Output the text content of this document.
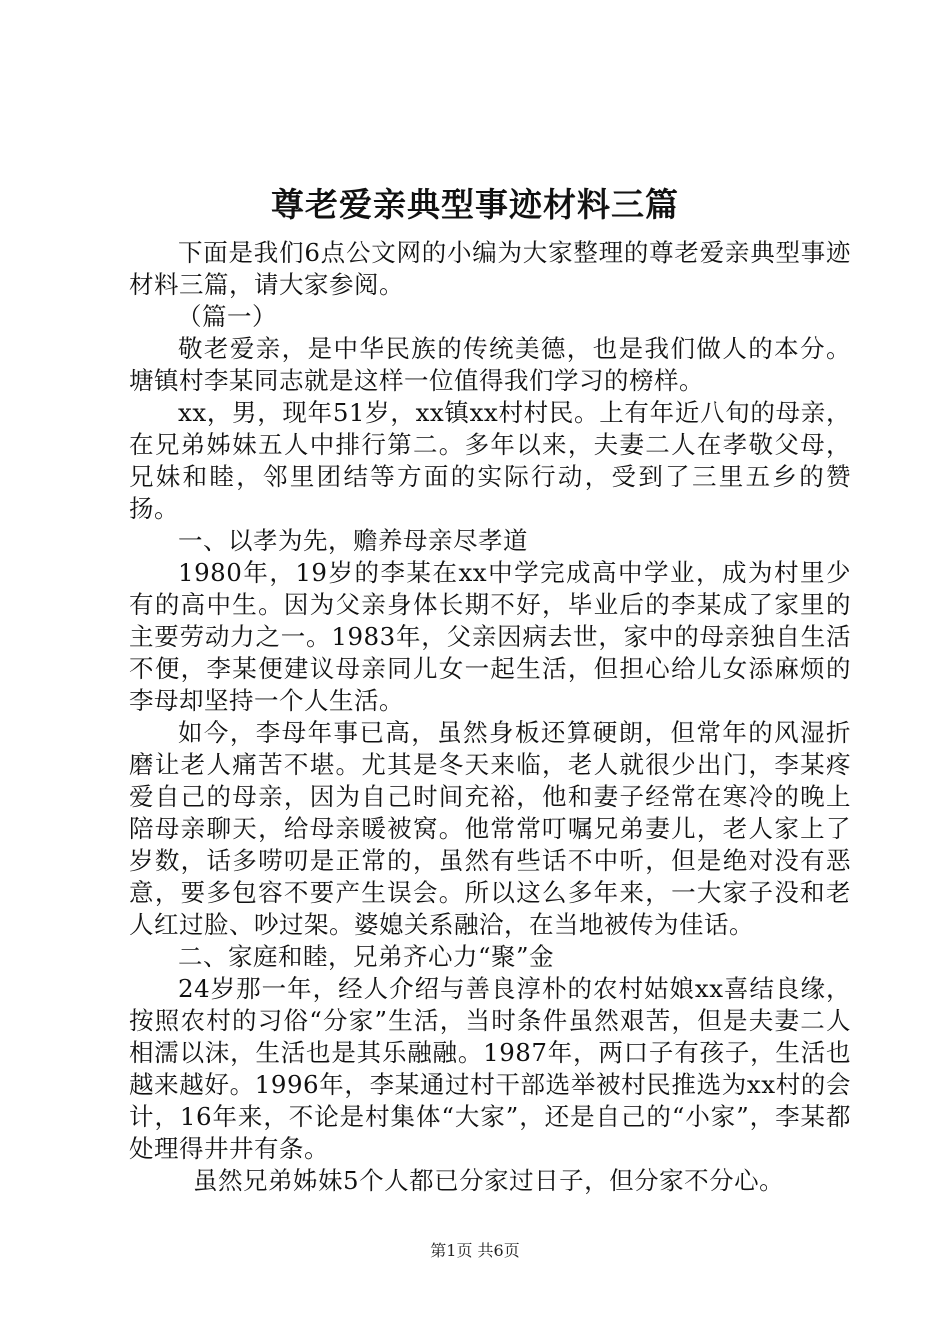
尊老爱亲典型事迹材料三篇

下面是我们6点公文网的小编为大家整理的尊老爱亲典型事迹材料三篇，请大家参阅。

（篇一）

敬老爱亲，是中华民族的传统美德，也是我们做人的本分。塘镇村李某同志就是这样一位值得我们学习的榜样。

xx，男，现年51岁，xx镇xx村村民。上有年近八旬的母亲，在兄弟姊妹五人中排行第二。多年以来，夫妻二人在孝敬父母，兄妹和睦，邻里团结等方面的实际行动，受到了三里五乡的赞扬。

一、以孝为先，赡养母亲尽孝道

1980年，19岁的李某在xx中学完成高中学业，成为村里少有的高中生。因为父亲身体长期不好，毕业后的李某成了家里的主要劳动力之一。1983年，父亲因病去世，家中的母亲独自生活不便，李某便建议母亲同儿女一起生活，但担心给儿女添麻烦的李母却坚持一个人生活。

如今，李母年事已高，虽然身板还算硬朗，但常年的风湿折磨让老人痛苦不堪。尤其是冬天来临，老人就很少出门，李某疼爱自己的母亲，因为自己时间充裕，他和妻子经常在寒冷的晚上陪母亲聊天，给母亲暖被窝。他常常叮嘱兄弟妻儿，老人家上了岁数，话多唠叨是正常的，虽然有些话不中听，但是绝对没有恶意，要多包容不要产生误会。所以这么多年来，一大家子没和老人红过脸、吵过架。婆媳关系融洽，在当地被传为佳话。

二、家庭和睦，兄弟齐心力“聚”金

24岁那一年，经人介绍与善良淳朴的农村姑娘xx喜结良缘，按照农村的习俗“分家”生活，当时条件虽然艰苦，但是夫妻二人相濡以沫，生活也是其乐融融。1987年，两口子有孩子，生活也越来越好。1996年，李某通过村干部选举被村民推选为xx村的会计，16年来，不论是村集体“大家”，还是自己的“小家”，李某都处理得井井有条。

虽然兄弟姊妹5个人都已分家过日子，但分家不分心。

第1页 共6页
